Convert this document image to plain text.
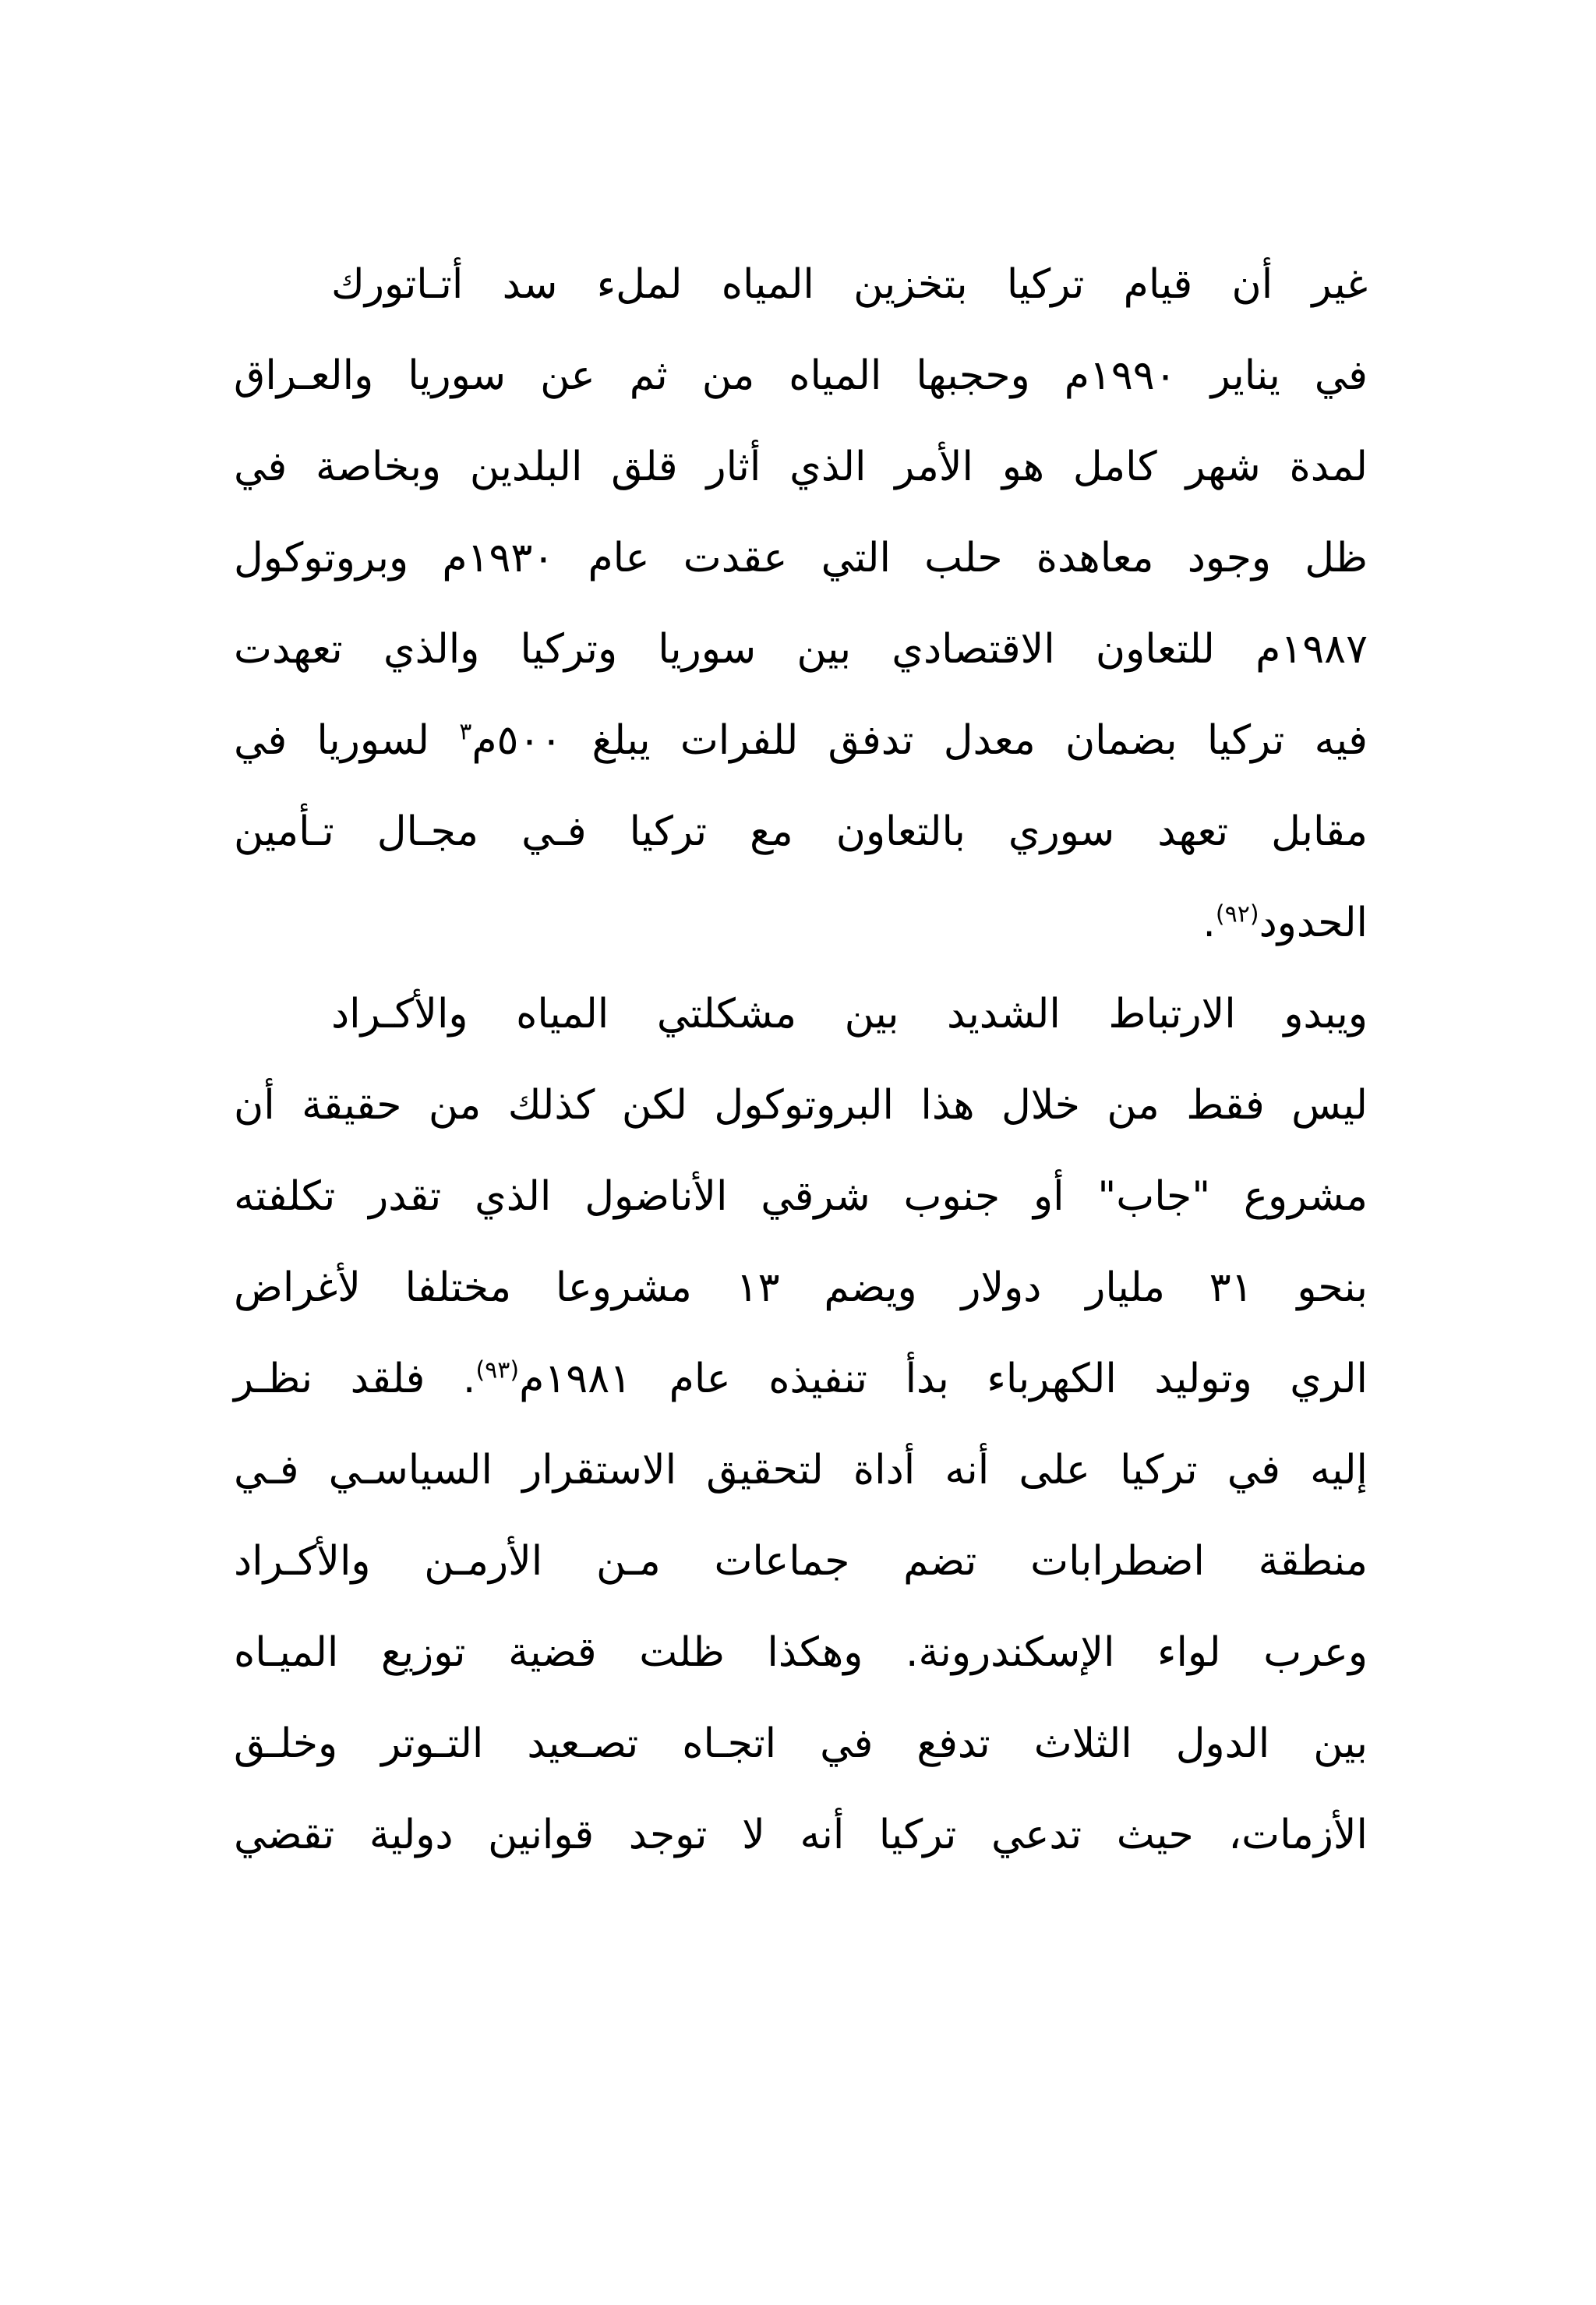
غير أن قيام تركيا بتخزين المياه لملء سد أتـاتورك
في يناير ١٩٩٠م وحجبها المياه من ثم عن سوريا والعـراق
لمدة شهر كامل هو الأمر الذي أثار قلق البلدين وبخاصة في
ظل وجود معاهدة حلب التي عقدت عام ١٩٣٠م وبروتوكول
١٩٨٧م للتعاون الاقتصادي بين سوريا وتركيا والذي تعهدت
فيه تركيا بضمان معدل تدفق للفرات يبلغ ٥٠٠م$^٣$ لسوريا في
مقابل تعهد سوري بالتعاون مع تركيا فـي مجـال تـأمين
الحدود$^{(٩٢)}$.
ويبدو الارتباط الشديد بين مشكلتي المياه والأكـراد
ليس فقط من خلال هذا البروتوكول لكن كذلك من حقيقة أن
مشروع "جاب" أو جنوب شرقي الأناضول الذي تقدر تكلفته
بنحو ٣١ مليار دولار ويضم ١٣ مشروعا مختلفا لأغراض
الري وتوليد الكهرباء بدأ تنفيذه عام ١٩٨١م$^{(٩٣)}$. فلقد نظـر
إليه في تركيا على أنه أداة لتحقيق الاستقرار السياسـي فـي
منطقة اضطرابات تضم جماعات مـن الأرمـن والأكـراد
وعرب لواء الإسكندرونة. وهكذا ظلت قضية توزيع الميـاه
بين الدول الثلاث تدفع في اتجـاه تصـعيد التـوتر وخلـق
الأزمات، حيث تدعي تركيا أنه لا توجد قوانين دولية تقضي
